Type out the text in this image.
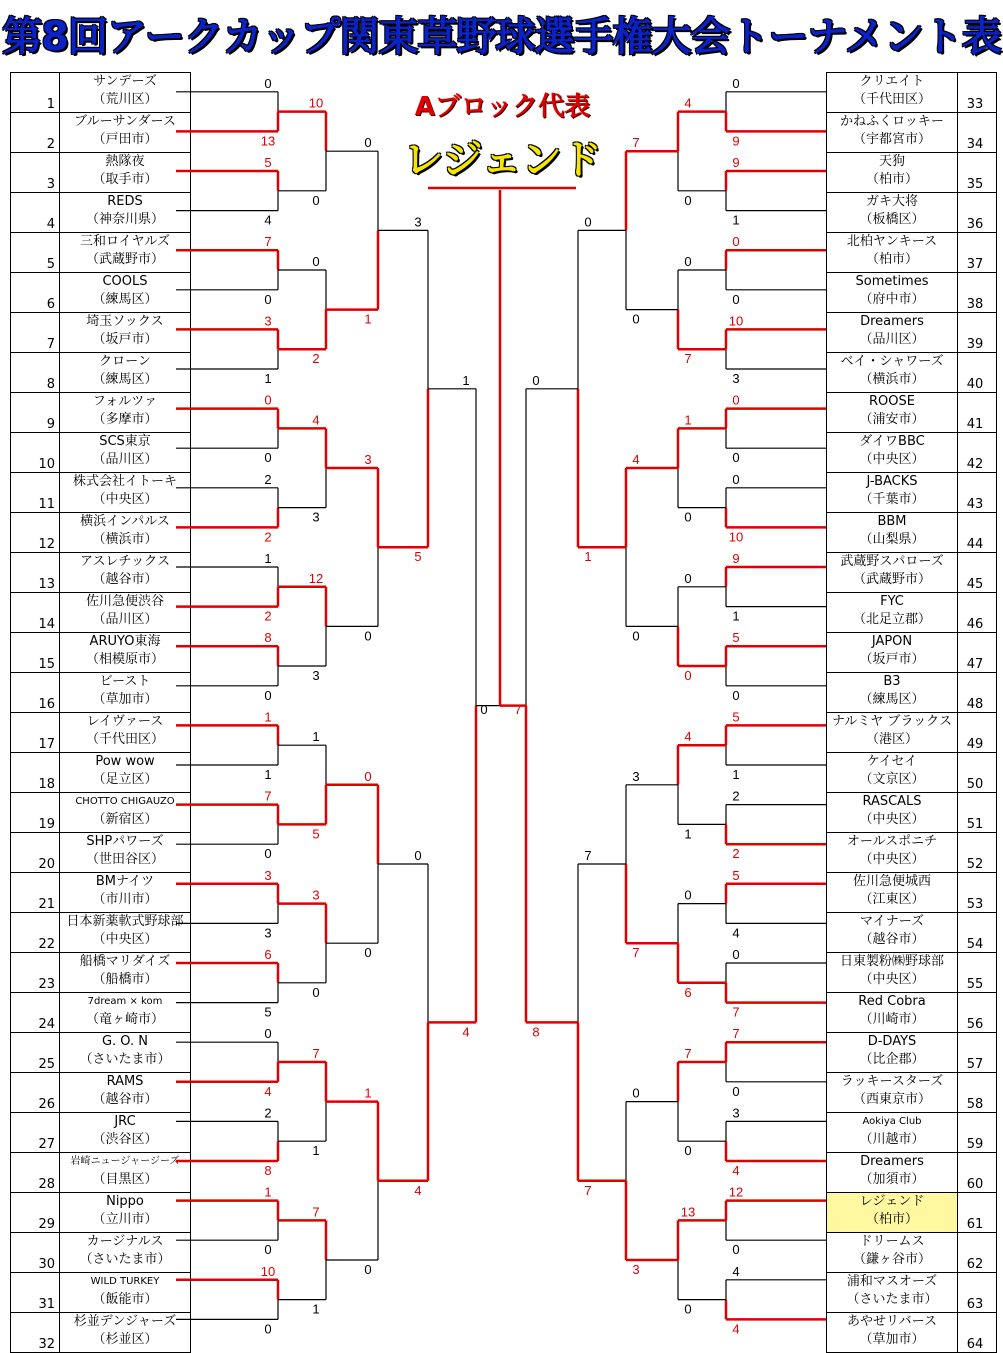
第8回アークカップ関東草野球選手権大会トーナメント表
1	サンデーズ
（荒川区）

2	ブルーサンダース
（戸田市）

3	熱隊夜
（取手市）

4	REDS
（神奈川県）

5	三和ロイヤルズ
（武蔵野市）

6	COOLS
（練馬区）

7	埼玉ソックス
（坂戸市）

8	クローン
（練馬区）

9	フォルツァ
（多摩市）

10	SCS東京
（品川区）

11	株式会社イトーキ
（中央区）

12	横浜インパルス
（横浜市）

13	アスレチックス
（越谷市）

14	佐川急便渋谷
（品川区）

15	ARUYO東海
（相模原市）

16	ビースト
（草加市）

17	レイヴァース
（千代田区）

18	Pow wow
（足立区）

19	CHOTTO CHIGAUZO
（新宿区）

20	SHPパワーズ
（世田谷区）

21	BMナイツ
（市川市）

22	日本新薬軟式野球部
（中央区）

23	船橋マリダイズ
（船橋市）

24	7dream × kom
（竜ヶ崎市）

25	G. O. N
（さいたま市）

26	RAMS
（越谷市）

27	JRC
（渋谷区）

28	岩崎ニュージャージーズ
（目黒区）

29	Nippo
（立川市）

30	カージナルス
（さいたま市）

31	WILD TURKEY
（飯能市）

32	杉並デンジャーズ
（杉並区）
クリエイト
（千代田区）	33

かねふくロッキー
（宇都宮市）	34

天狗
（柏市）	35

ガキ大将
（板橋区）	36

北柏ヤンキース
（柏市）	37

Sometimes
（府中市）	38

Dreamers
（品川区）	39

ベイ・シャワーズ
（横浜市）	40

ROOSE
（浦安市）	41

ダイワBBC
（中央区）	42

J-BACKS
（千葉市）	43

BBM
（山梨県）	44

武蔵野スパローズ
（武蔵野市）	45

FYC
（北足立郡）	46

JAPON
（坂戸市）	47

B3
（練馬区）	48

ナルミヤ ブラックス
（港区）	49

ケイセイ
（文京区）	50

RASCALS
（中央区）	51

オールスポニチ
（中央区）	52

佐川急便城西
（江東区）	53

マイナーズ
（越谷市）	54

日東製粉㈱野球部
（中央区）	55

Red Cobra
（川崎市）	56

D-DAYS
（比企郡）	57

ラッキースターズ
（西東京市）	58

Aokiya Club
（川越市）	59

Dreamers
（加須市）	60

レジェンド
（柏市）	61

ドリームス
（鎌ヶ谷市）	62

浦和マスオーズ
（さいたま市）	63

あやせリバース
（草加市）	64
0
13
5
4
7
0
3
1
0
0
2
2
1
2
8
0
1
1
7
0
3
3
6
5
0
4
2
8
1
0
10
0
10
0
0
2
4
3
12
3
1
5
3
0
7
1
7
1
0
1
3
0
0
0
1
0
3
5
0
4
1
4
0
9
9
1
0
0
10
3
0
0
0
10
9
1
5
0
5
1
2
2
5
4
0
7
7
0
3
4
12
0
4
4
4
0
0
7
1
0
0
0
4
1
0
6
7
0
13
0
7
0
4
0
3
7
0
3
0
1
7
7
0
8
0 7
Aブロック代表
レジェンド
